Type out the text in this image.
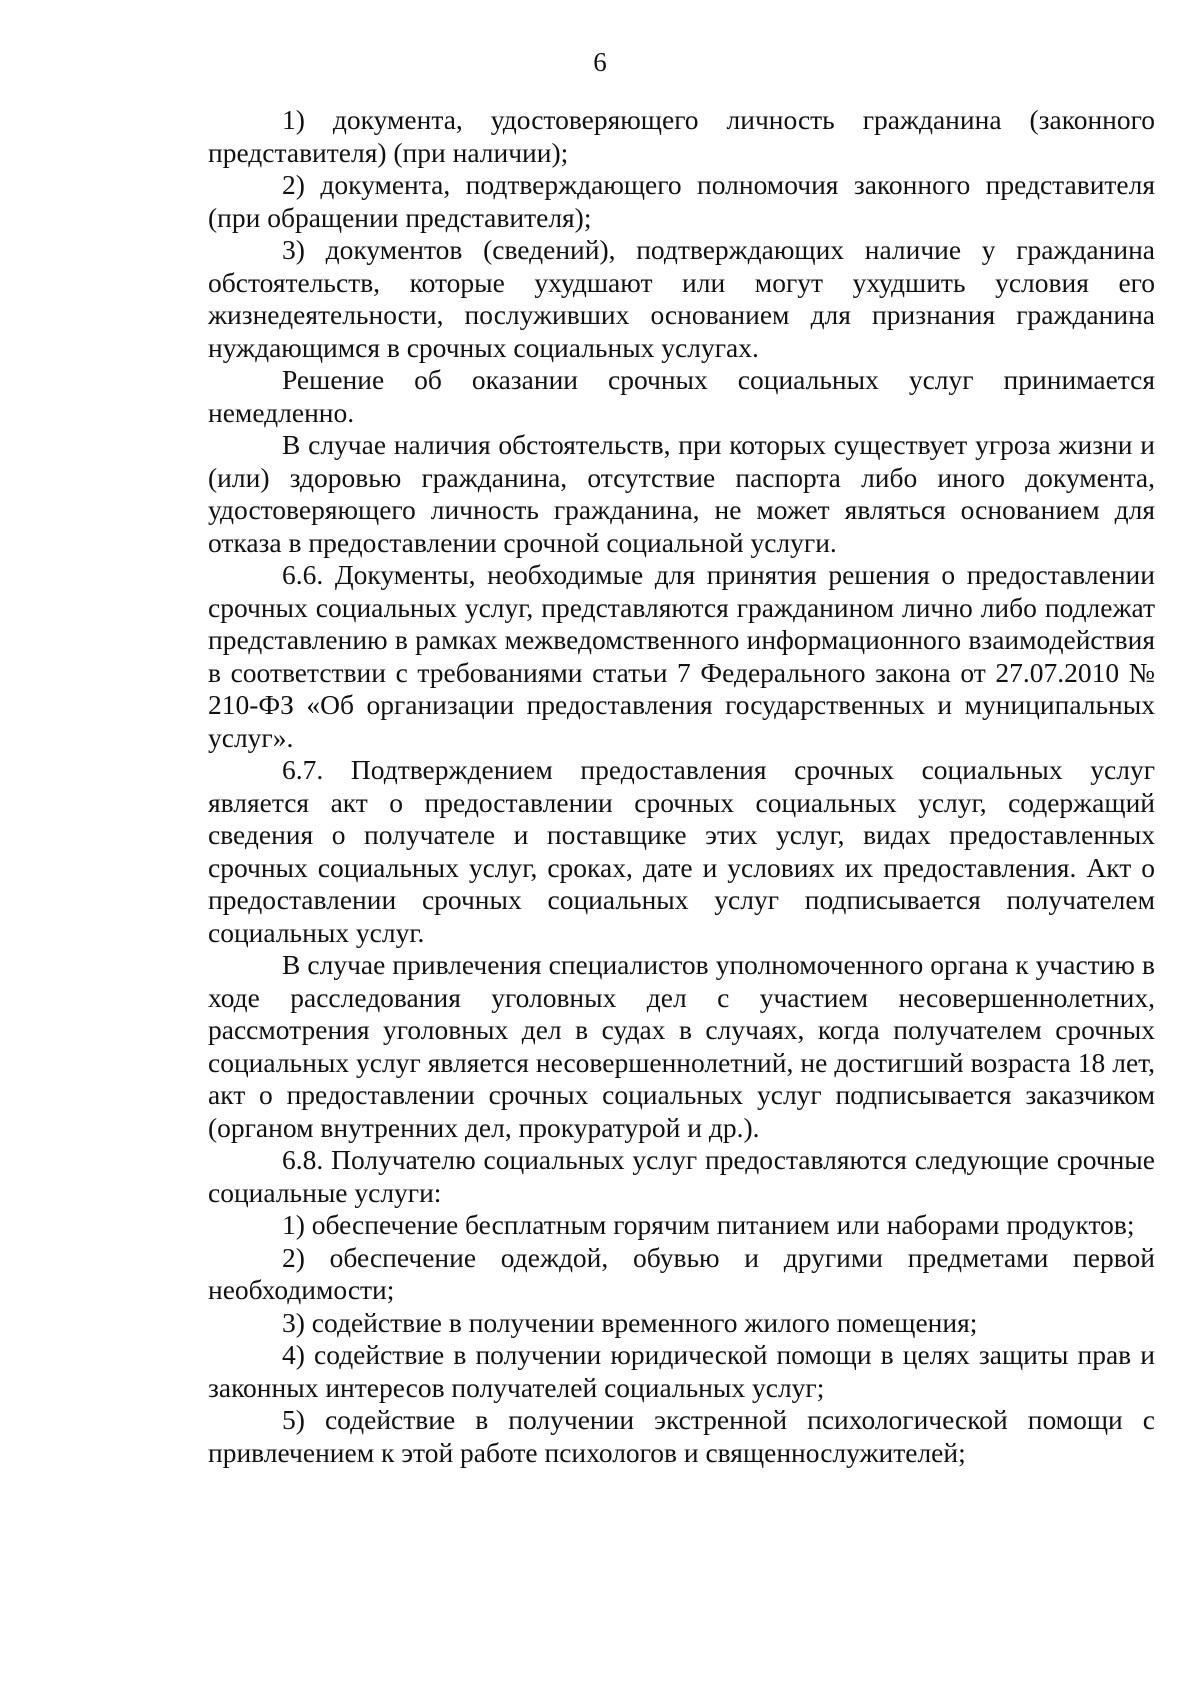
6

1) документа, удостоверяющего личность гражданина (законного представителя) (при наличии);

2) документа, подтверждающего полномочия законного представителя (при обращении представителя);

3) документов (сведений), подтверждающих наличие у гражданина обстоятельств, которые ухудшают или могут ухудшить условия его жизнедеятельности, послуживших основанием для признания гражданина нуждающимся в срочных социальных услугах.

Решение об оказании срочных социальных услуг принимается немедленно.

В случае наличия обстоятельств, при которых существует угроза жизни и (или) здоровью гражданина, отсутствие паспорта либо иного документа, удостоверяющего личность гражданина, не может являться основанием для отказа в предоставлении срочной социальной услуги.

6.6. Документы, необходимые для принятия решения о предоставлении срочных социальных услуг, представляются гражданином лично либо подлежат представлению в рамках межведомственного информационного взаимодействия в соответствии с требованиями статьи 7 Федерального закона от 27.07.2010 № 210-ФЗ «Об организации предоставления государственных и муниципальных услуг».

6.7. Подтверждением предоставления срочных социальных услуг является акт о предоставлении срочных социальных услуг, содержащий сведения о получателе и поставщике этих услуг, видах предоставленных срочных социальных услуг, сроках, дате и условиях их предоставления. Акт о предоставлении срочных социальных услуг подписывается получателем социальных услуг.

В случае привлечения специалистов уполномоченного органа к участию в ходе расследования уголовных дел с участием несовершеннолетних, рассмотрения уголовных дел в судах в случаях, когда получателем срочных социальных услуг является несовершеннолетний, не достигший возраста 18 лет, акт о предоставлении срочных социальных услуг подписывается заказчиком (органом внутренних дел, прокуратурой и др.).

6.8. Получателю социальных услуг предоставляются следующие срочные социальные услуги:

1) обеспечение бесплатным горячим питанием или наборами продуктов;

2) обеспечение одеждой, обувью и другими предметами первой необходимости;

3) содействие в получении временного жилого помещения;

4) содействие в получении юридической помощи в целях защиты прав и законных интересов получателей социальных услуг;

5) содействие в получении экстренной психологической помощи с привлечением к этой работе психологов и священнослужителей;
